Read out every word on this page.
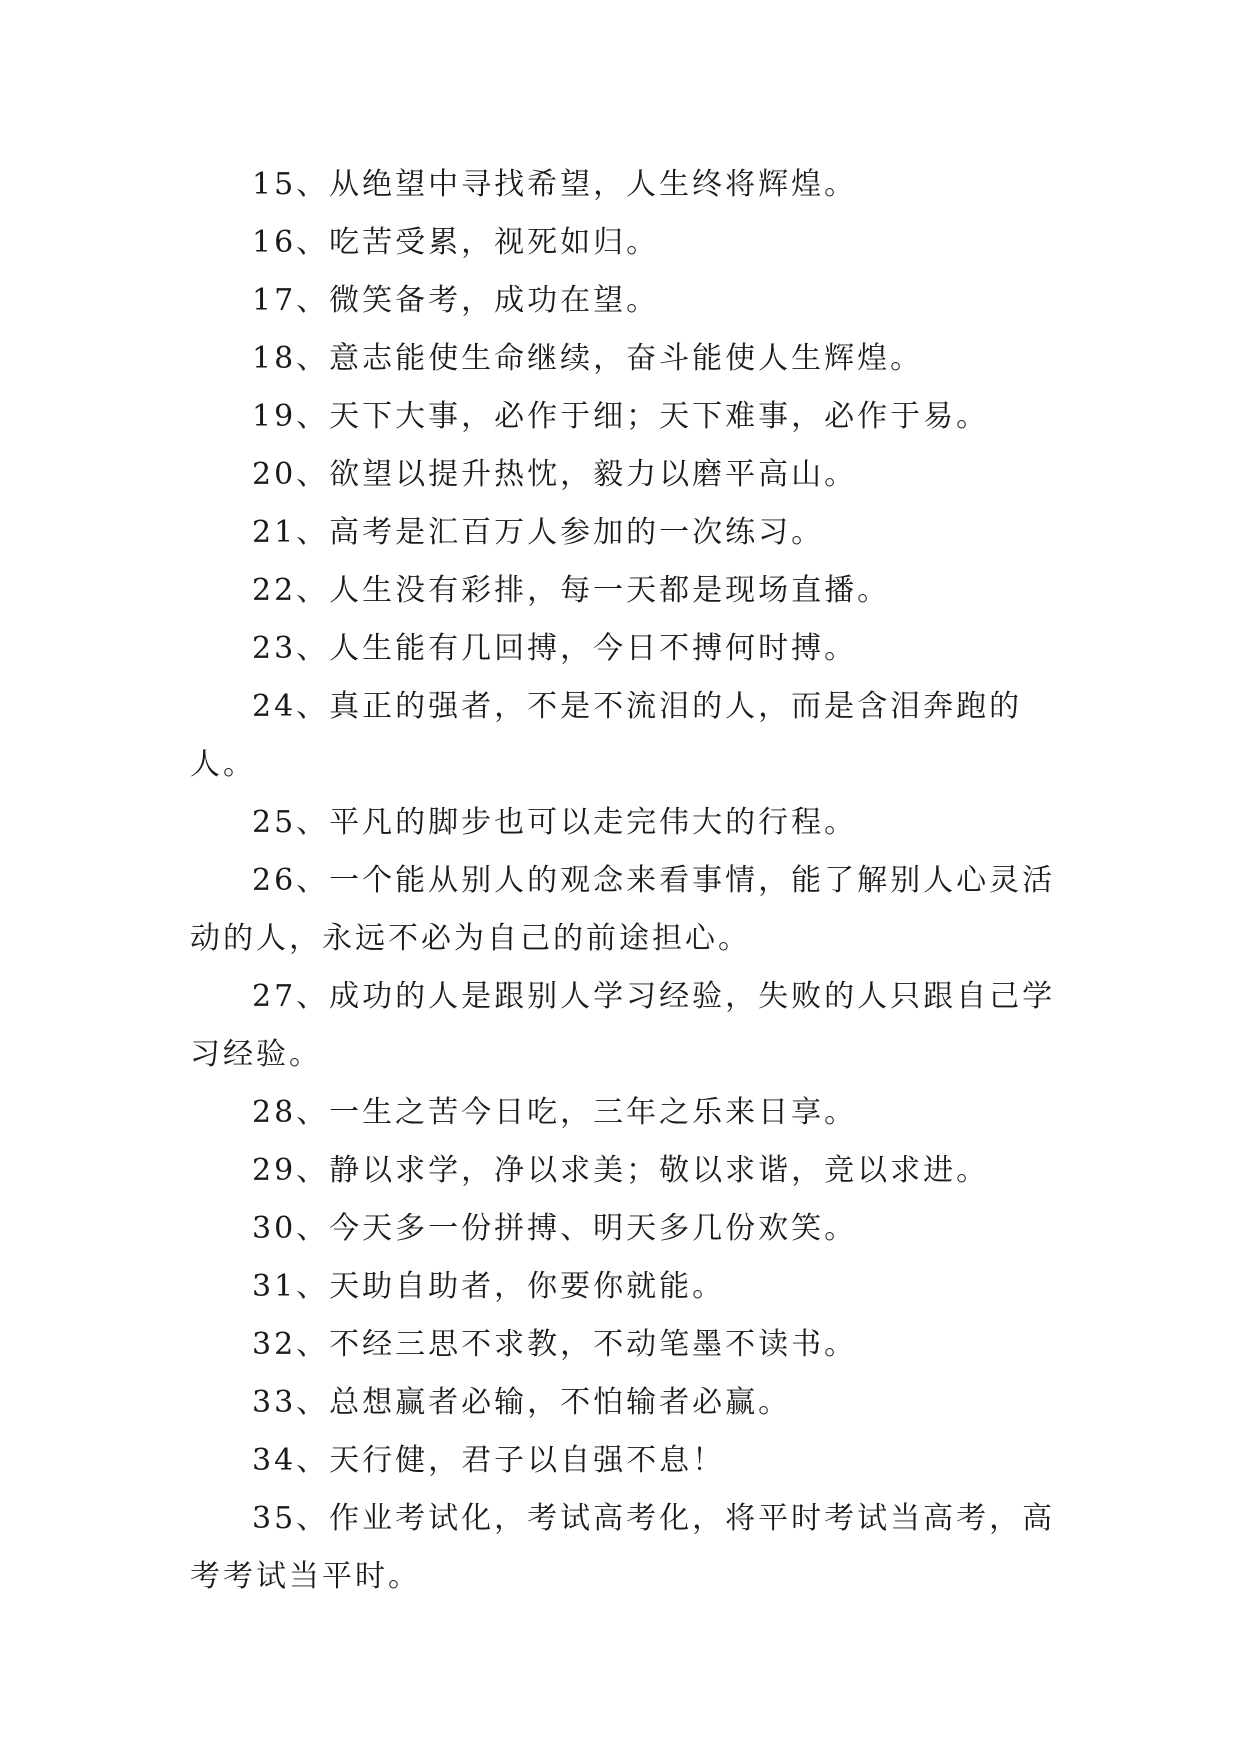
15、从绝望中寻找希望，人生终将辉煌。

16、吃苦受累，视死如归。

17、微笑备考，成功在望。

18、意志能使生命继续，奋斗能使人生辉煌。

19、天下大事，必作于细；天下难事，必作于易。

20、欲望以提升热忱，毅力以磨平高山。

21、高考是汇百万人参加的一次练习。

22、人生没有彩排，每一天都是现场直播。

23、人生能有几回搏，今日不搏何时搏。

24、真正的强者，不是不流泪的人，而是含泪奔跑的人。

25、平凡的脚步也可以走完伟大的行程。

26、一个能从别人的观念来看事情，能了解别人心灵活动的人，永远不必为自己的前途担心。

27、成功的人是跟别人学习经验，失败的人只跟自己学习经验。

28、一生之苦今日吃，三年之乐来日享。

29、静以求学，净以求美；敬以求谐，竞以求进。

30、今天多一份拼搏、明天多几份欢笑。

31、天助自助者，你要你就能。

32、不经三思不求教，不动笔墨不读书。

33、总想赢者必输，不怕输者必赢。

34、天行健，君子以自强不息！

35、作业考试化，考试高考化，将平时考试当高考，高考考试当平时。
